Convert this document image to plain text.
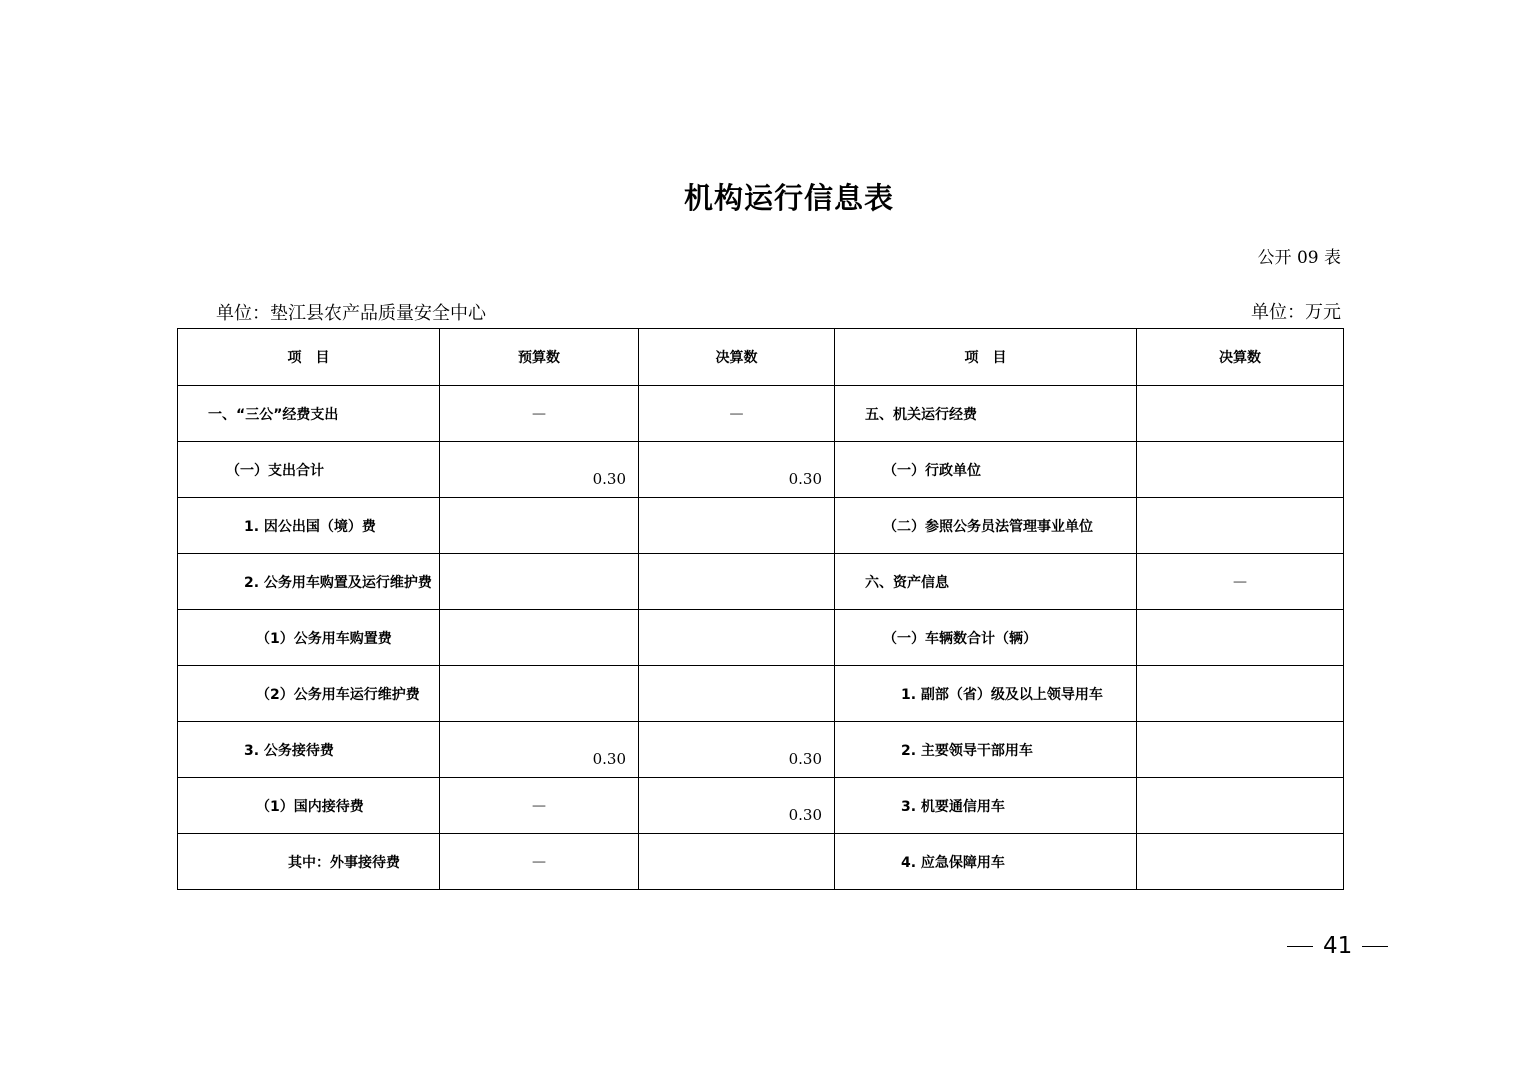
机构运行信息表
公开 09 表
单位：垫江县农产品质量安全中心	单位：万元
项　目	预算数	决算数	项　目	决算数
一、“三公”经费支出	—	—	五、机关运行经费	
（一）支出合计	0.30	0.30	（一）行政单位	
1. 因公出国（境）费			（二）参照公务员法管理事业单位	
2. 公务用车购置及运行维护费			六、资产信息	—

（1）公务用车购置费			（一）车辆数合计（辆）	
（2）公务用车运行维护费			1. 副部（省）级及以上领导用车	
3. 公务接待费	0.30	0.30	2. 主要领导干部用车	
（1）国内接待费	—	0.30	3. 机要通信用车	
其中：外事接待费	—		4. 应急保障用车	
41
